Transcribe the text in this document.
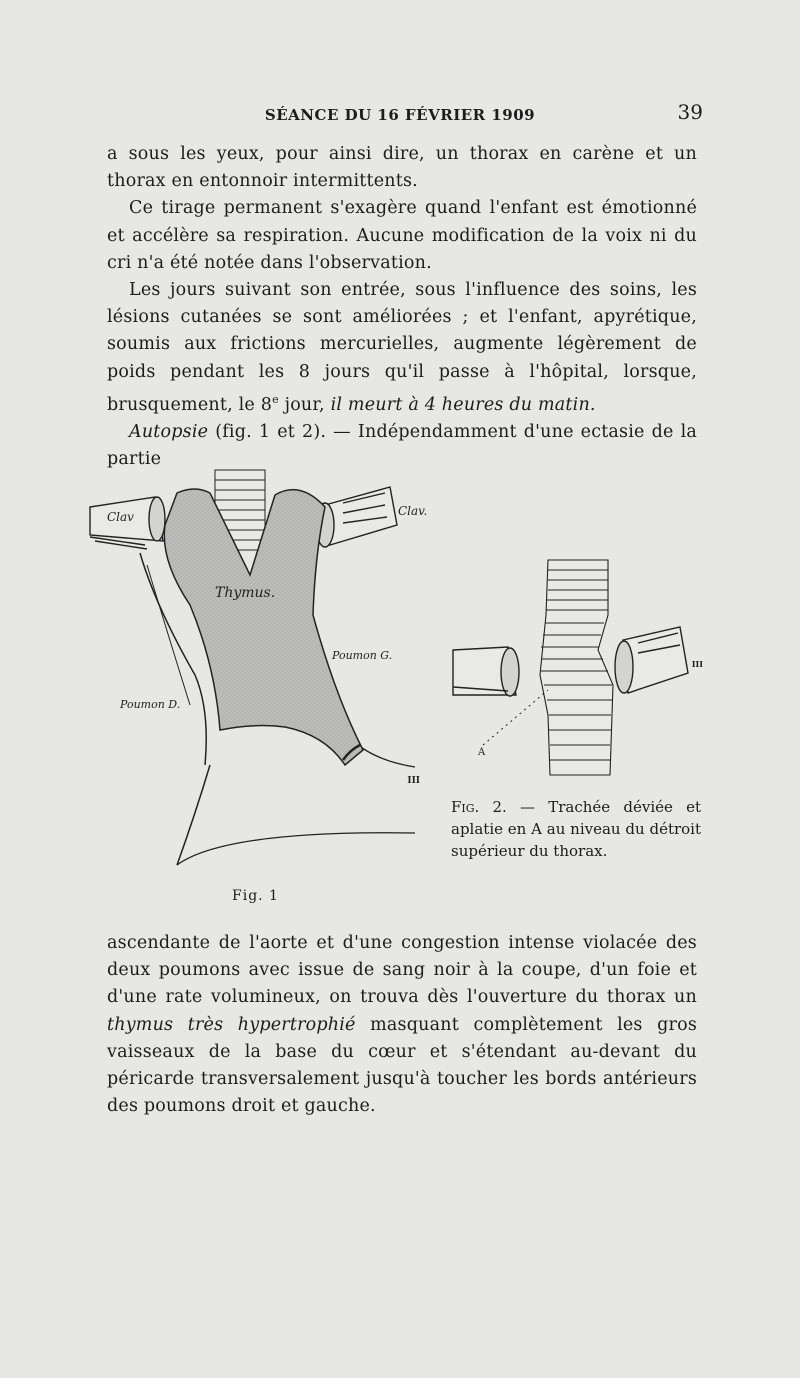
SÉANCE DU 16 FÉVRIER 1909	39

a sous les yeux, pour ainsi dire, un thorax en carène et un thorax en entonnoir intermittents.

Ce tirage permanent s'exagère quand l'enfant est émotionné et accélère sa respiration. Aucune modification de la voix ni du cri n'a été notée dans l'observation.

Les jours suivant son entrée, sous l'influence des soins, les lésions cutanées se sont améliorées ; et l'enfant, apyrétique, soumis aux frictions mercurielles, augmente légèrement de poids pendant les 8 jours qu'il passe à l'hôpital, lorsque, brusquement, le 8e jour, il meurt à 4 heures du matin.

Autopsie (fig. 1 et 2). — Indépendamment d'une ectasie de la partie

Clav	Clav.
Thymus.
Poumon G.
Poumon D.
III
Fig. 1
A
III
Fig. 2. — Trachée déviée et aplatie en A au niveau du détroit supérieur du thorax.

ascendante de l'aorte et d'une congestion intense violacée des deux poumons avec issue de sang noir à la coupe, d'un foie et d'une rate volumineux, on trouva dès l'ouverture du thorax un thymus très hypertrophié masquant complètement les gros vaisseaux de la base du cœur et s'étendant au-devant du péricarde transversalement jusqu'à toucher les bords antérieurs des poumons droit et gauche.
